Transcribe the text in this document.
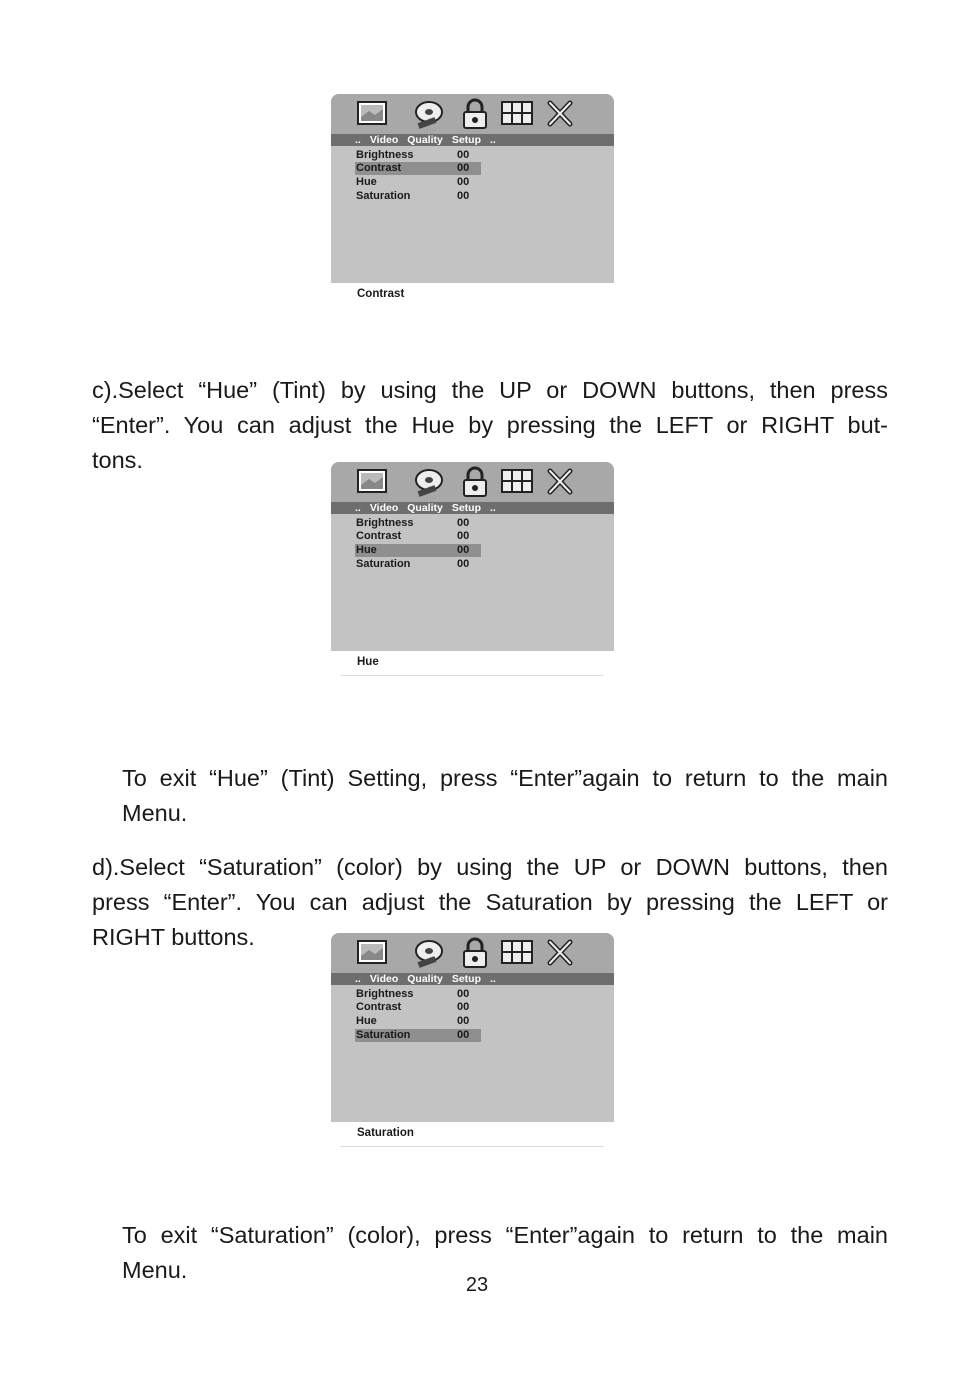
.. Video Quality Setup ..
Brightness	00
Contrast	00
Hue	00
Saturation	00
Contrast

c).Select “Hue” (Tint) by using the UP or DOWN buttons, then press
“Enter”. You can adjust the Hue by pressing the LEFT or RIGHT but-
tons.

.. Video Quality Setup ..
Brightness	00
Contrast	00
Hue	00
Saturation	00
Hue

To exit “Hue” (Tint) Setting, press “Enter”again to return to the main
Menu.

d).Select “Saturation” (color) by using the UP or DOWN buttons, then
press “Enter”. You can adjust the Saturation by pressing the LEFT or
RIGHT buttons.

.. Video Quality Setup ..
Brightness	00
Contrast	00
Hue	00
Saturation	00
Saturation

To exit “Saturation” (color), press “Enter”again to return to the main
Menu.

23
